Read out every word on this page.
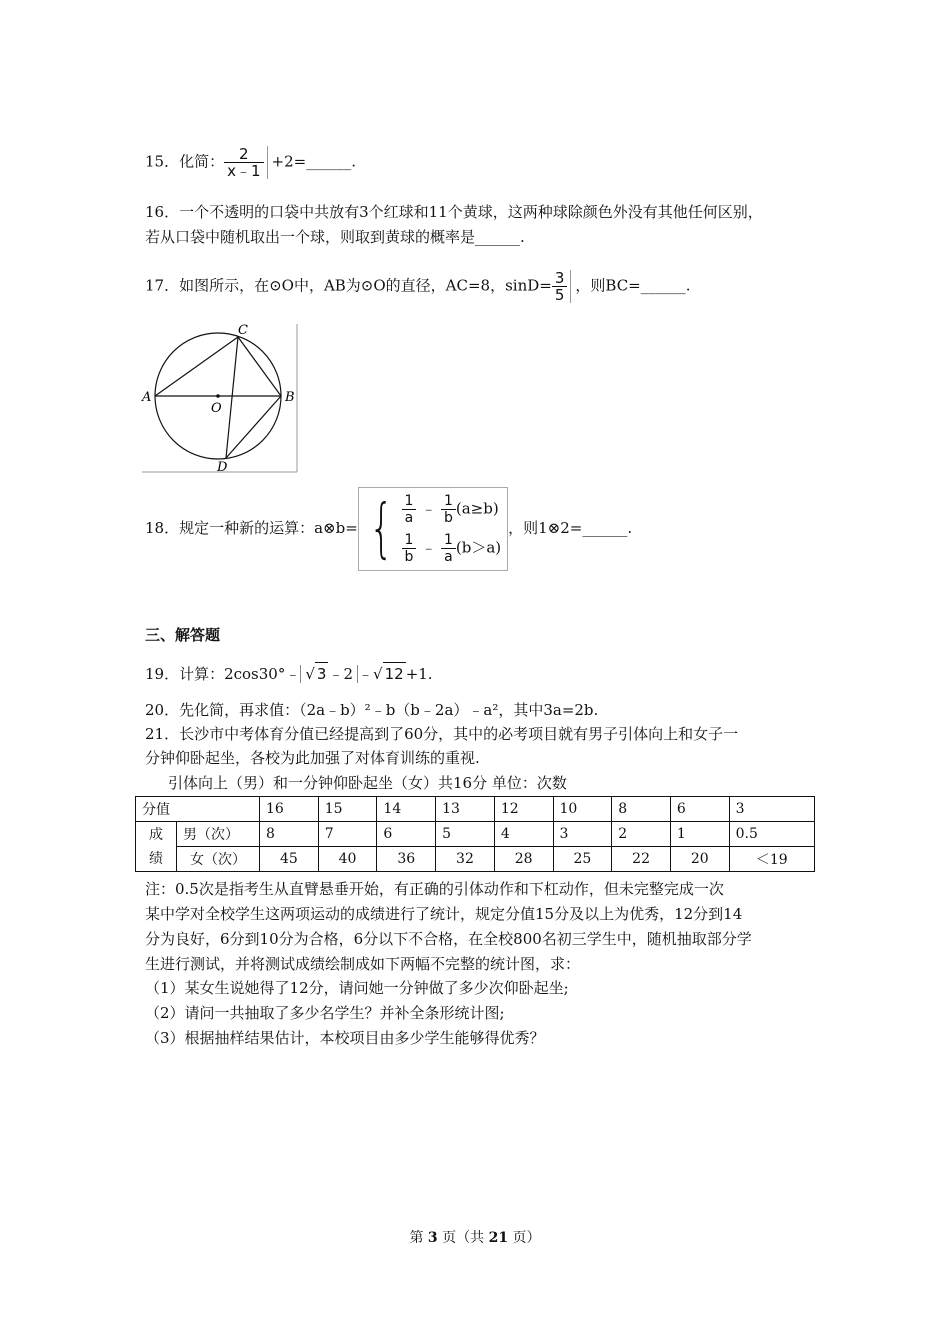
15．化简： $\frac{2}{x﹣1}$ +2=______.
16．一个不透明的口袋中共放有3个红球和11个黄球，这两种球除颜色外没有其他任何区别，
若从口袋中随机取出一个球，则取到黄球的概率是______.
17．如图所示，在⊙O中，AB为⊙O的直径，AC=8，$\sin D= \frac{3}{5}$ ，则BC=______.
A	B
C
D
O
18．规定一种新的运算：a⊗b= { $\frac{1}{a}$ ﹣ $\frac{1}{b} (a\ge b)$
$\frac{1}{b}$ ﹣ $\frac{1}{a} (b>a)$
，则1⊗2=______.
三、解答题
19．计算：2cos30°﹣ √ 3 ﹣2 ﹣√ 12 +1.
20．先化简，再求值：（2a﹣b）²﹣b（b﹣2a）﹣a²，其中3a=2b.
21．长沙市中考体育分值已经提高到了60分，其中的必考项目就有男子引体向上和女子一
分钟仰卧起坐，各校为此加强了对体育训练的重视.
引体向上（男）和一分钟仰卧起坐（女）共16分 单位：次数
分值		16	15	14	13	12	10	8	6	3
成
绩	男（次）	8	7	6	5	4	3	2	1	0.5
	女（次）	45	40	36	32	28	25	22	20	＜19
注：0.5次是指考生从直臂悬垂开始，有正确的引体动作和下杠动作，但未完整完成一次
某中学对全校学生这两项运动的成绩进行了统计，规定分值15分及以上为优秀，12分到14
分为良好，6分到10分为合格，6分以下不合格，在全校800名初三学生中，随机抽取部分学
生进行测试，并将测试成绩绘制成如下两幅不完整的统计图，求：
（1）某女生说她得了12分，请问她一分钟做了多少次仰卧起坐;
（2）请问一共抽取了多少名学生？并补全条形统计图;
（3）根据抽样结果估计，本校项目由多少学生能够得优秀？
第 3 页（共 21 页）
